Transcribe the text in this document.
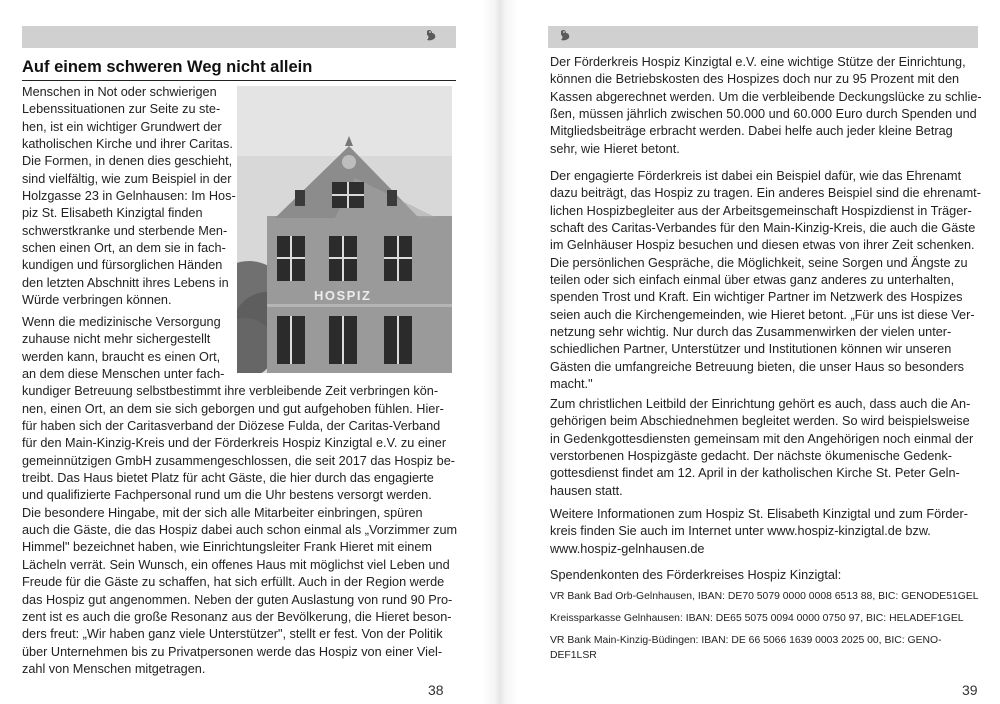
Auf einem schweren Weg nicht allein
Menschen in Not oder schwierigen
Lebenssituationen zur Seite zu ste-
hen, ist ein wichtiger Grundwert der
katholischen Kirche und ihrer Caritas.
Die Formen, in denen dies geschieht,
sind vielfältig, wie zum Beispiel in der
Holzgasse 23 in Gelnhausen: Im Hos-
piz St. Elisabeth Kinzigtal finden
schwerstkranke und sterbende Men-
schen einen Ort, an dem sie in fach-
kundigen und fürsorglichen Händen
den letzten Abschnitt ihres Lebens in
Würde verbringen können.
Wenn die medizinische Versorgung
zuhause nicht mehr sichergestellt
werden kann, braucht es einen Ort,
an dem diese Menschen unter fach-
kundiger Betreuung selbstbestimmt ihre verbleibende Zeit verbringen kön-
nen, einen Ort, an dem sie sich geborgen und gut aufgehoben fühlen. Hier-
für haben sich der Caritasverband der Diözese Fulda, der Caritas-Verband
für den Main-Kinzig-Kreis und der Förderkreis Hospiz Kinzigtal e.V. zu einer
gemeinnützigen GmbH zusammengeschlossen, die seit 2017 das Hospiz be-
treibt. Das Haus bietet Platz für acht Gäste, die hier durch das engagierte
und qualifizierte Fachpersonal rund um die Uhr bestens versorgt werden.
Die besondere Hingabe, mit der sich alle Mitarbeiter einbringen, spüren
auch die Gäste, die das Hospiz dabei auch schon einmal als „Vorzimmer zum
Himmel" bezeichnet haben, wie Einrichtungsleiter Frank Hieret mit einem
Lächeln verrät. Sein Wunsch, ein offenes Haus mit möglichst viel Leben und
Freude für die Gäste zu schaffen, hat sich erfüllt. Auch in der Region werde
das Hospiz gut angenommen. Neben der guten Auslastung von rund 90 Pro-
zent ist es auch die große Resonanz aus der Bevölkerung, die Hieret beson-
ders freut: „Wir haben ganz viele Unterstützer", stellt er fest. Von der Politik
über Unternehmen bis zu Privatpersonen werde das Hospiz von einer Viel-
zahl von Menschen mitgetragen.
HOSPIZ
38
Der Förderkreis Hospiz Kinzigtal e.V. eine wichtige Stütze der Einrichtung,
können die Betriebskosten des Hospizes doch nur zu 95 Prozent mit den
Kassen abgerechnet werden. Um die verbleibende Deckungslücke zu schlie-
ßen, müssen jährlich zwischen 50.000 und 60.000 Euro durch Spenden und
Mitgliedsbeiträge erbracht werden. Dabei helfe auch jeder kleine Betrag
sehr, wie Hieret betont.
Der engagierte Förderkreis ist dabei ein Beispiel dafür, wie das Ehrenamt
dazu beiträgt, das Hospiz zu tragen. Ein anderes Beispiel sind die ehrenamt-
lichen Hospizbegleiter aus der Arbeitsgemeinschaft Hospizdienst in Träger-
schaft des Caritas-Verbandes für den Main-Kinzig-Kreis, die auch die Gäste
im Gelnhäuser Hospiz besuchen und diesen etwas von ihrer Zeit schenken.
Die persönlichen Gespräche, die Möglichkeit, seine Sorgen und Ängste zu
teilen oder sich einfach einmal über etwas ganz anderes zu unterhalten,
spenden Trost und Kraft. Ein wichtiger Partner im Netzwerk des Hospizes
seien auch die Kirchengemeinden, wie Hieret betont. „Für uns ist diese Ver-
netzung sehr wichtig. Nur durch das Zusammenwirken der vielen unter-
schiedlichen Partner, Unterstützer und Institutionen können wir unseren
Gästen die umfangreiche Betreuung bieten, die unser Haus so besonders
macht."
Zum christlichen Leitbild der Einrichtung gehört es auch, dass auch die An-
gehörigen beim Abschiednehmen begleitet werden. So wird beispielsweise
in Gedenkgottesdiensten gemeinsam mit den Angehörigen noch einmal der
verstorbenen Hospizgäste gedacht. Der nächste ökumenische Gedenk-
gottesdienst findet am 12. April in der katholischen Kirche St. Peter Geln-
hausen statt.
Weitere Informationen zum Hospiz St. Elisabeth Kinzigtal und zum Förder-
kreis finden Sie auch im Internet unter www.hospiz-kinzigtal.de bzw.
www.hospiz-gelnhausen.de
Spendenkonten des Förderkreises Hospiz Kinzigtal:
VR Bank Bad Orb-Gelnhausen, IBAN: DE70 5079 0000 0008 6513 88, BIC: GENODE51GEL
Kreissparkasse Gelnhausen: IBAN: DE65 5075 0094 0000 0750 97, BIC: HELADEF1GEL
VR Bank Main-Kinzig-Büdingen: IBAN: DE 66 5066 1639 0003 2025 00, BIC: GENO-
DEF1LSR
39
